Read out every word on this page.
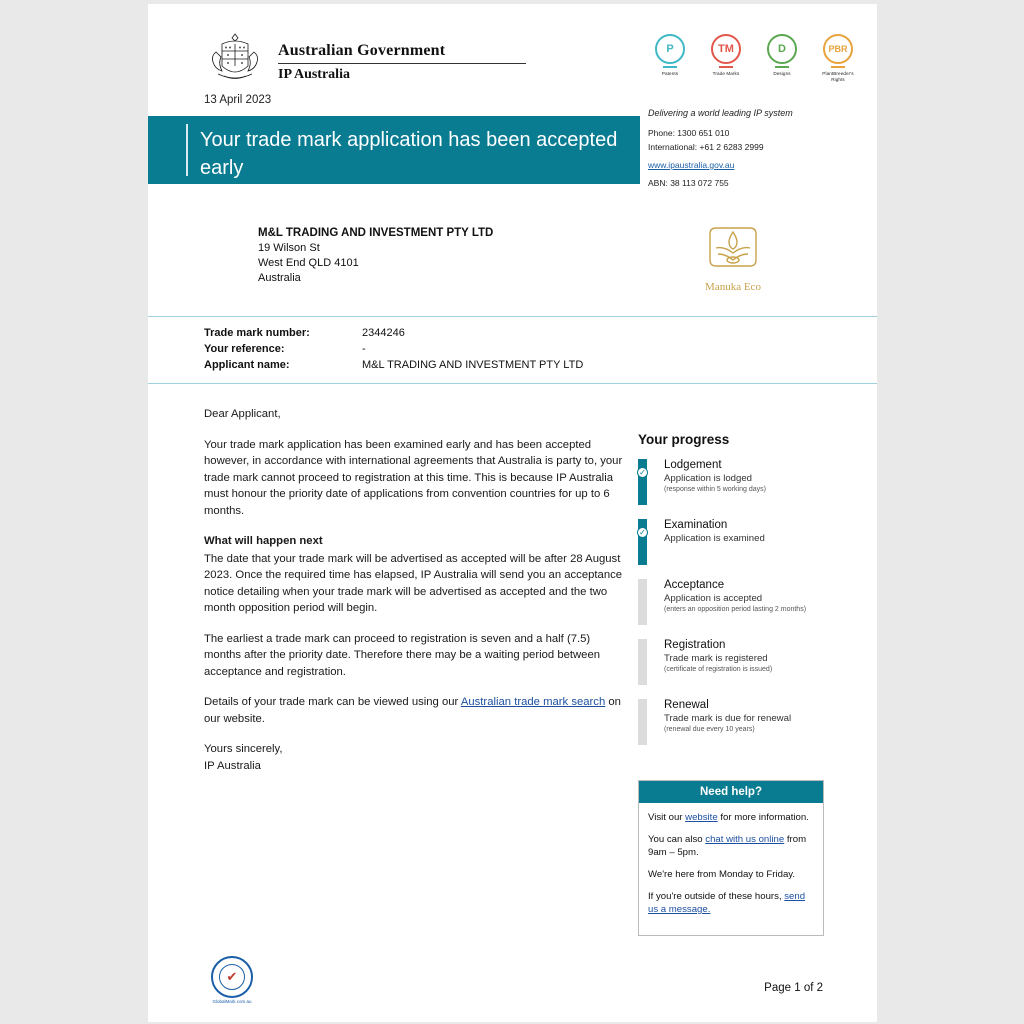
Australian Government
IP Australia
13 April 2023
P
Patents
TM
Trade Marks
D
Designs
PBR
PlantBreeder's Rights
Delivering a world leading IP system
Phone: 1300 651 010
International: +61 2 6283 2999
www.ipaustralia.gov.au
ABN: 38 113 072 755
Your trade mark application has been accepted early
M&L TRADING AND INVESTMENT PTY LTD
19 Wilson St
West End QLD 4101
Australia
Manuka Eco
Trade mark number:	2344246
Your reference:	-
Applicant name:	M&L TRADING AND INVESTMENT PTY LTD

Dear Applicant,

Your trade mark application has been examined early and has been accepted however, in accordance with international agreements that Australia is party to, your trade mark cannot proceed to registration at this time. This is because IP Australia must honour the priority date of applications from convention countries for up to 6 months.

What will happen next

The date that your trade mark will be advertised as accepted will be after 28 August 2023. Once the required time has elapsed, IP Australia will send you an acceptance notice detailing when your trade mark will be advertised as accepted and the two month opposition period will begin.

The earliest a trade mark can proceed to registration is seven and a half (7.5) months after the priority date. Therefore there may be a waiting period between acceptance and registration.

Details of your trade mark can be viewed using our Australian trade mark search on our website.

Yours sincerely,

IP Australia

Your progress
✓
Lodgement
Application is lodged
(response within 5 working days)
✓
Examination
Application is examined
Acceptance
Application is accepted
(enters an opposition period lasting 2 months)
Registration
Trade mark is registered
(certificate of registration is issued)
Renewal
Trade mark is due for renewal
(renewal due every 10 years)
Need help?

Visit our website for more information.

You can also chat with us online from 9am – 5pm.

We're here from Monday to Friday.

If you're outside of these hours, send us a message.

✔
GlobalMark.com.au
Page 1 of 2
